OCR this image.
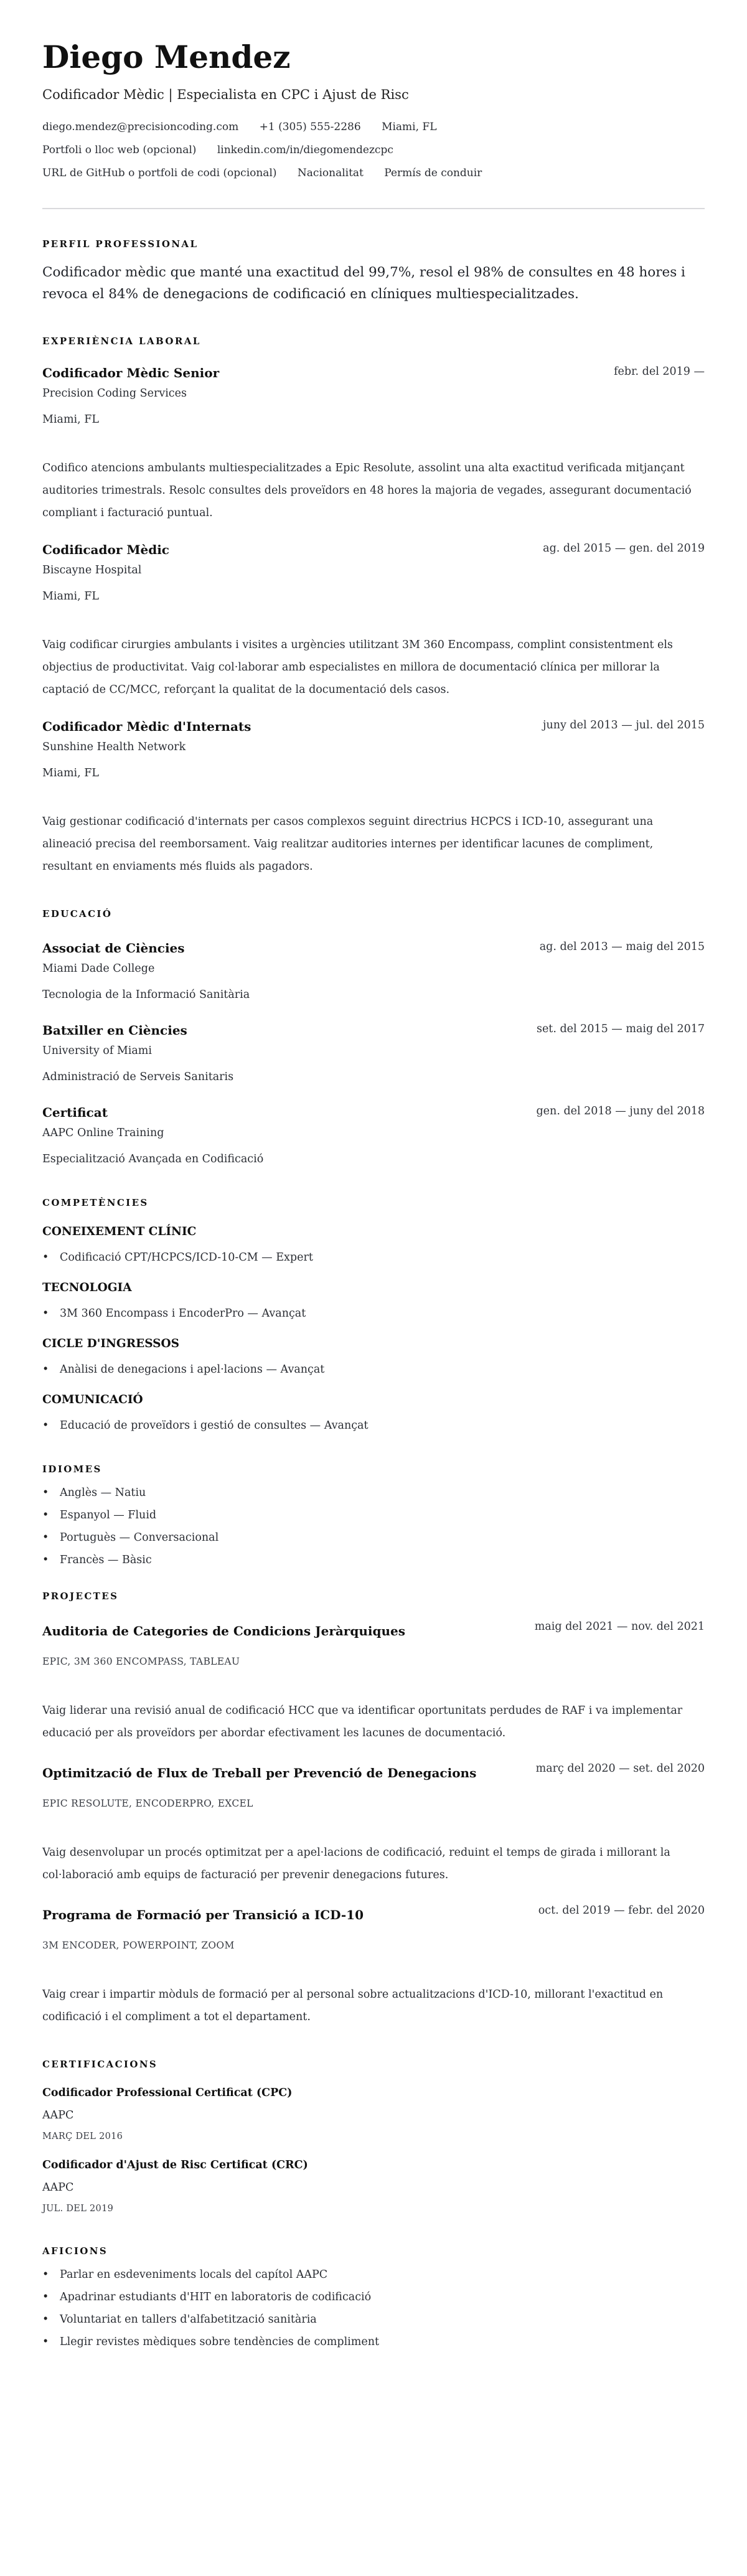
Diego Mendez
Codificador Mèdic | Especialista en CPC i Ajust de Risc
diego.mendez@precisioncoding.com +1 (305) 555-2286 Miami, FL
Portfoli o lloc web (opcional) linkedin.com/in/diegomendezcpc
URL de GitHub o portfoli de codi (opcional) Nacionalitat Permís de conduir
PERFIL PROFESSIONAL

Codificador mèdic que manté una exactitud del 99,7%, resol el 98% de consultes en 48 hores i revoca el 84% de denegacions de codificació en clíniques multiespecialitzades.

EXPERIÈNCIA LABORAL
Codificador Mèdic Senior	febr. del 2019 —
Precision Coding Services
Miami, FL
Codifico atencions ambulants multiespecialitzades a Epic Resolute, assolint una alta exactitud verificada mitjançant auditories trimestrals. Resolc consultes dels proveïdors en 48 hores la majoria de vegades, assegurant documentació compliant i facturació puntual.
Codificador Mèdic	ag. del 2015 — gen. del 2019
Biscayne Hospital
Miami, FL
Vaig codificar cirurgies ambulants i visites a urgències utilitzant 3M 360 Encompass, complint consistentment els objectius de productivitat. Vaig col·laborar amb especialistes en millora de documentació clínica per millorar la captació de CC/MCC, reforçant la qualitat de la documentació dels casos.
Codificador Mèdic d'Internats	juny del 2013 — jul. del 2015
Sunshine Health Network
Miami, FL
Vaig gestionar codificació d'internats per casos complexos seguint directrius HCPCS i ICD-10, assegurant una alineació precisa del reemborsament. Vaig realitzar auditories internes per identificar lacunes de compliment, resultant en enviaments més fluids als pagadors.
EDUCACIÓ
Associat de Ciències	ag. del 2013 — maig del 2015
Miami Dade College
Tecnologia de la Informació Sanitària
Batxiller en Ciències	set. del 2015 — maig del 2017
University of Miami
Administració de Serveis Sanitaris
Certificat	gen. del 2018 — juny del 2018
AAPC Online Training
Especialització Avançada en Codificació
COMPETÈNCIES
CONEIXEMENT CLÍNIC
• Codificació CPT/HCPCS/ICD-10-CM — Expert
TECNOLOGIA
• 3M 360 Encompass i EncoderPro — Avançat
CICLE D'INGRESSOS
• Anàlisi de denegacions i apel·lacions — Avançat
COMUNICACIÓ
• Educació de proveïdors i gestió de consultes — Avançat
IDIOMES
• Anglès — Natiu
• Espanyol — Fluid
• Portuguès — Conversacional
• Francès — Bàsic
PROJECTES
Auditoria de Categories de Condicions Jeràrquiques	maig del 2021 — nov. del 2021
EPIC, 3M 360 ENCOMPASS, TABLEAU
Vaig liderar una revisió anual de codificació HCC que va identificar oportunitats perdudes de RAF i va implementar educació per als proveïdors per abordar efectivament les lacunes de documentació.
Optimització de Flux de Treball per Prevenció de Denegacions	març del 2020 — set. del 2020
EPIC RESOLUTE, ENCODERPRO, EXCEL
Vaig desenvolupar un procés optimitzat per a apel·lacions de codificació, reduint el temps de girada i millorant la col·laboració amb equips de facturació per prevenir denegacions futures.
Programa de Formació per Transició a ICD-10	oct. del 2019 — febr. del 2020
3M ENCODER, POWERPOINT, ZOOM
Vaig crear i impartir mòduls de formació per al personal sobre actualitzacions d'ICD-10, millorant l'exactitud en codificació i el compliment a tot el departament.
CERTIFICACIONS
Codificador Professional Certificat (CPC)
AAPC
MARÇ DEL 2016
Codificador d'Ajust de Risc Certificat (CRC)
AAPC
JUL. DEL 2019
AFICIONS
• Parlar en esdeveniments locals del capítol AAPC
• Apadrinar estudiants d'HIT en laboratoris de codificació
• Voluntariat en tallers d'alfabetització sanitària
• Llegir revistes mèdiques sobre tendències de compliment
